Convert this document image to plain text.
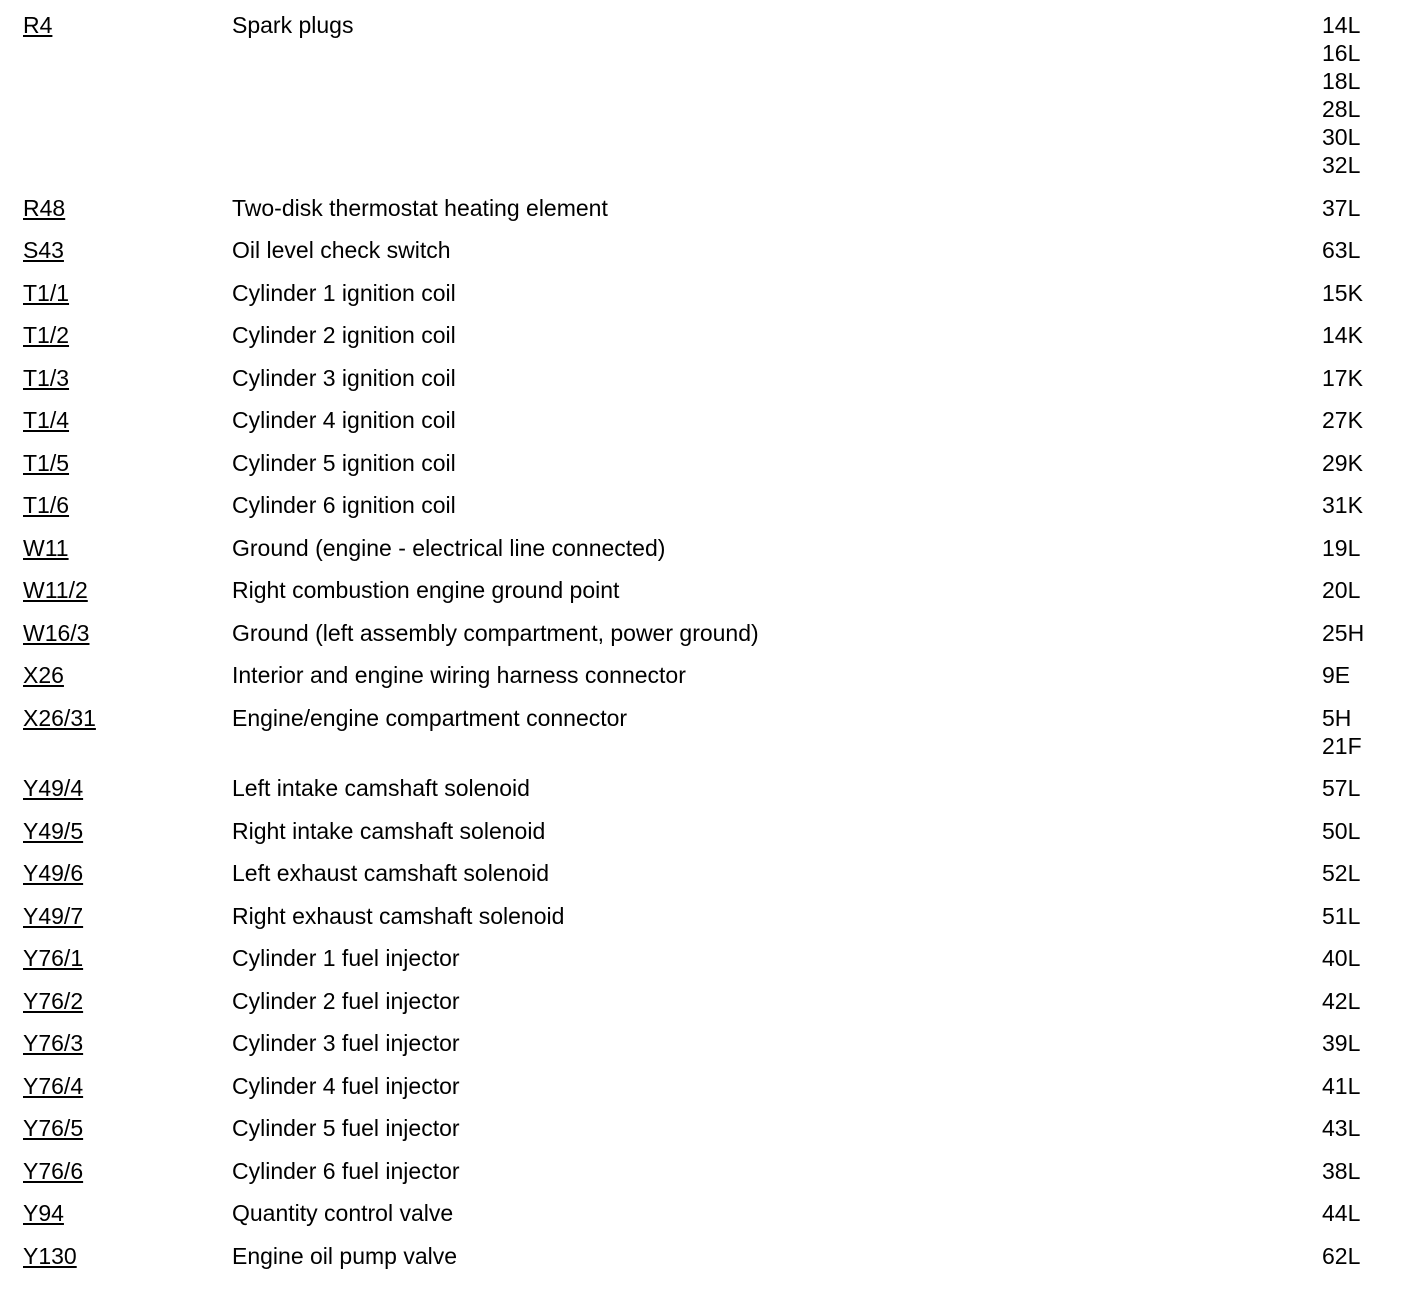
R4	Spark plugs	14L
16L
18L
28L
30L
32L
R48	Two-disk thermostat heating element	37L
S43	Oil level check switch	63L
T1/1	Cylinder 1 ignition coil	15K
T1/2	Cylinder 2 ignition coil	14K
T1/3	Cylinder 3 ignition coil	17K
T1/4	Cylinder 4 ignition coil	27K
T1/5	Cylinder 5 ignition coil	29K
T1/6	Cylinder 6 ignition coil	31K
W11	Ground (engine - electrical line connected)	19L
W11/2	Right combustion engine ground point	20L
W16/3	Ground (left assembly compartment, power ground)	25H
X26	Interior and engine wiring harness connector	9E
X26/31	Engine/engine compartment connector	5H
21F
Y49/4	Left intake camshaft solenoid	57L
Y49/5	Right intake camshaft solenoid	50L
Y49/6	Left exhaust camshaft solenoid	52L
Y49/7	Right exhaust camshaft solenoid	51L
Y76/1	Cylinder 1 fuel injector	40L
Y76/2	Cylinder 2 fuel injector	42L
Y76/3	Cylinder 3 fuel injector	39L
Y76/4	Cylinder 4 fuel injector	41L
Y76/5	Cylinder 5 fuel injector	43L
Y76/6	Cylinder 6 fuel injector	38L
Y94	Quantity control valve	44L
Y130	Engine oil pump valve	62L
